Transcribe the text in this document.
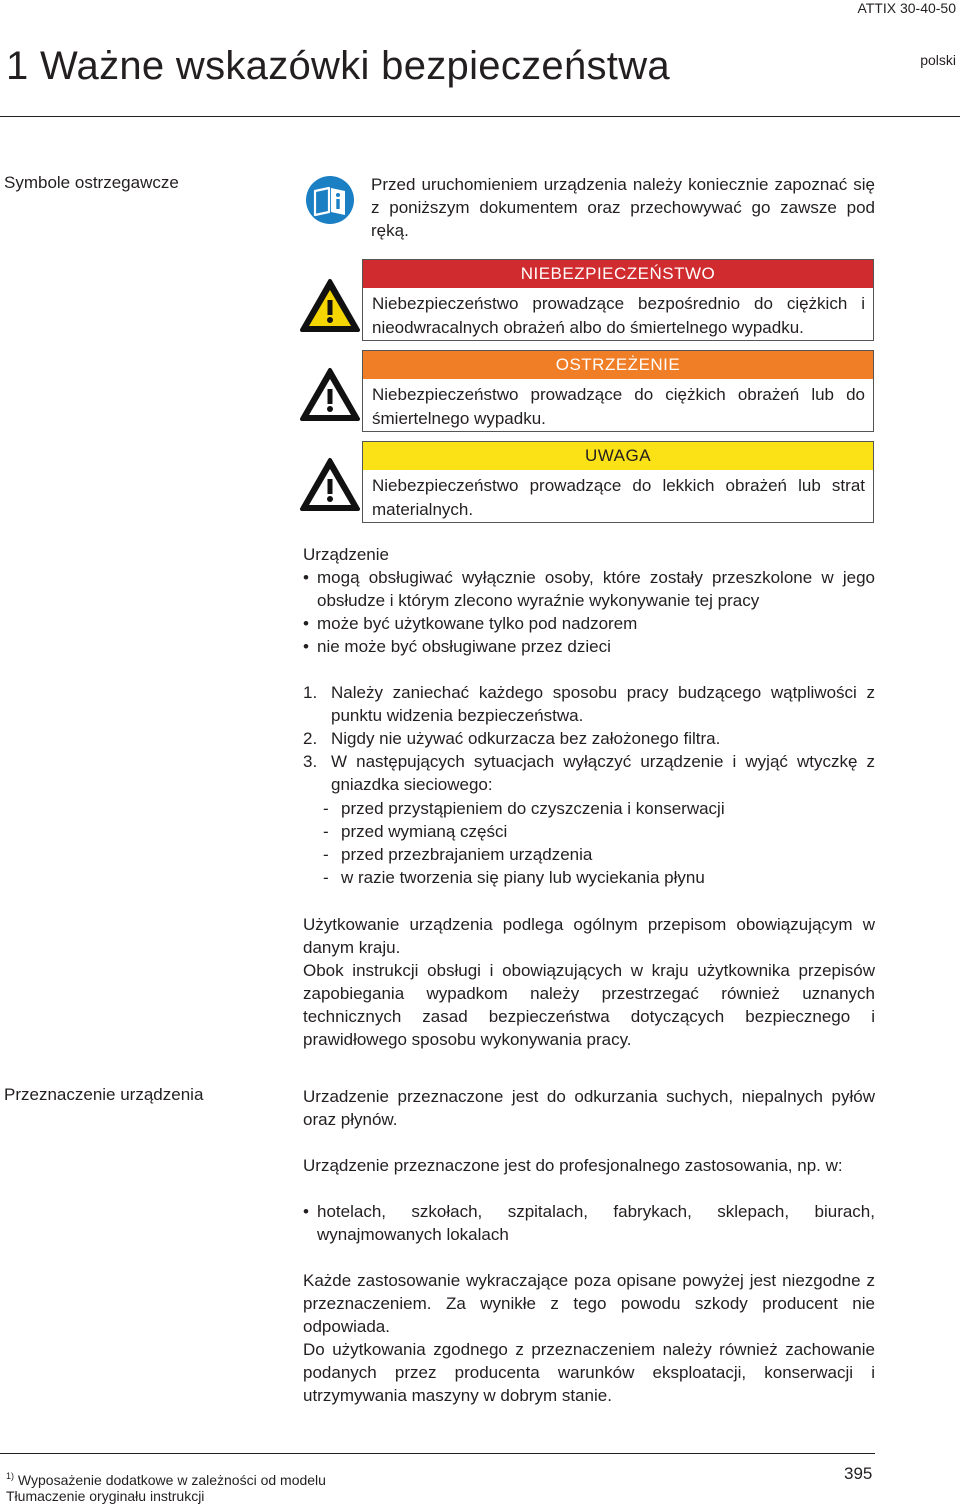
ATTIX 30-40-50
1 Ważne wskazówki bezpieczeństwa	polski
Symbole ostrzegawcze	Przed uruchomieniem urządzenia należy koniecznie zapoznać się z poniższym dokumentem oraz przechowywać go zawsze pod ręką.
NIEBEZPIECZEŃSTWO
Niebezpieczeństwo prowadzące bezpośrednio do ciężkich i nieodwracalnych obrażeń albo do śmiertelnego wypadku.
OSTRZEŻENIE
Niebezpieczeństwo prowadzące do ciężkich obrażeń lub do śmiertelnego wypadku.
UWAGA
Niebezpieczeństwo prowadzące do lekkich obrażeń lub strat materialnych.
Urządzenie
• mogą obsługiwać wyłącznie osoby, które zostały przeszkolone w jego obsłudze i którym zlecono wyraźnie wykonywanie tej pracy
• może być użytkowane tylko pod nadzorem
• nie może być obsługiwane przez dzieci
1. Należy zaniechać każdego sposobu pracy budzącego wątpliwości z punktu widzenia bezpieczeństwa.
2. Nigdy nie używać odkurzacza bez założonego filtra.
3. W następujących sytuacjach wyłączyć urządzenie i wyjąć wtyczkę z gniazdka sieciowego:
- przed przystąpieniem do czyszczenia i konserwacji
- przed wymianą części
- przed przezbrajaniem urządzenia
- w razie tworzenia się piany lub wyciekania płynu
Użytkowanie urządzenia podlega ogólnym przepisom obowiązującym w danym kraju.
Obok instrukcji obsługi i obowiązujących w kraju użytkownika przepisów zapobiegania wypadkom należy przestrzegać również uznanych technicznych zasad bezpieczeństwa dotyczących bezpiecznego i prawidłowego sposobu wykonywania pracy.
Przeznaczenie urządzenia	Urzadzenie przeznaczone jest do odkurzania suchych, niepalnych pyłów oraz płynów.
Urządzenie przeznaczone jest do profesjonalnego zastosowania, np. w:
• hotelach, szkołach, szpitalach, fabrykach, sklepach, biurach, wynajmowanych lokalach
Każde zastosowanie wykraczające poza opisane powyżej jest niezgodne z przeznaczeniem. Za wynikłe z tego powodu szkody producent nie odpowiada.
Do użytkowania zgodnego z przeznaczeniem należy również zachowanie podanych przez producenta warunków eksploatacji, konserwacji i utrzymywania maszyny w dobrym stanie.
$^{1)}$ Wyposażenie dodatkowe w zależności od modelu
Tłumaczenie oryginału instrukcji
395
